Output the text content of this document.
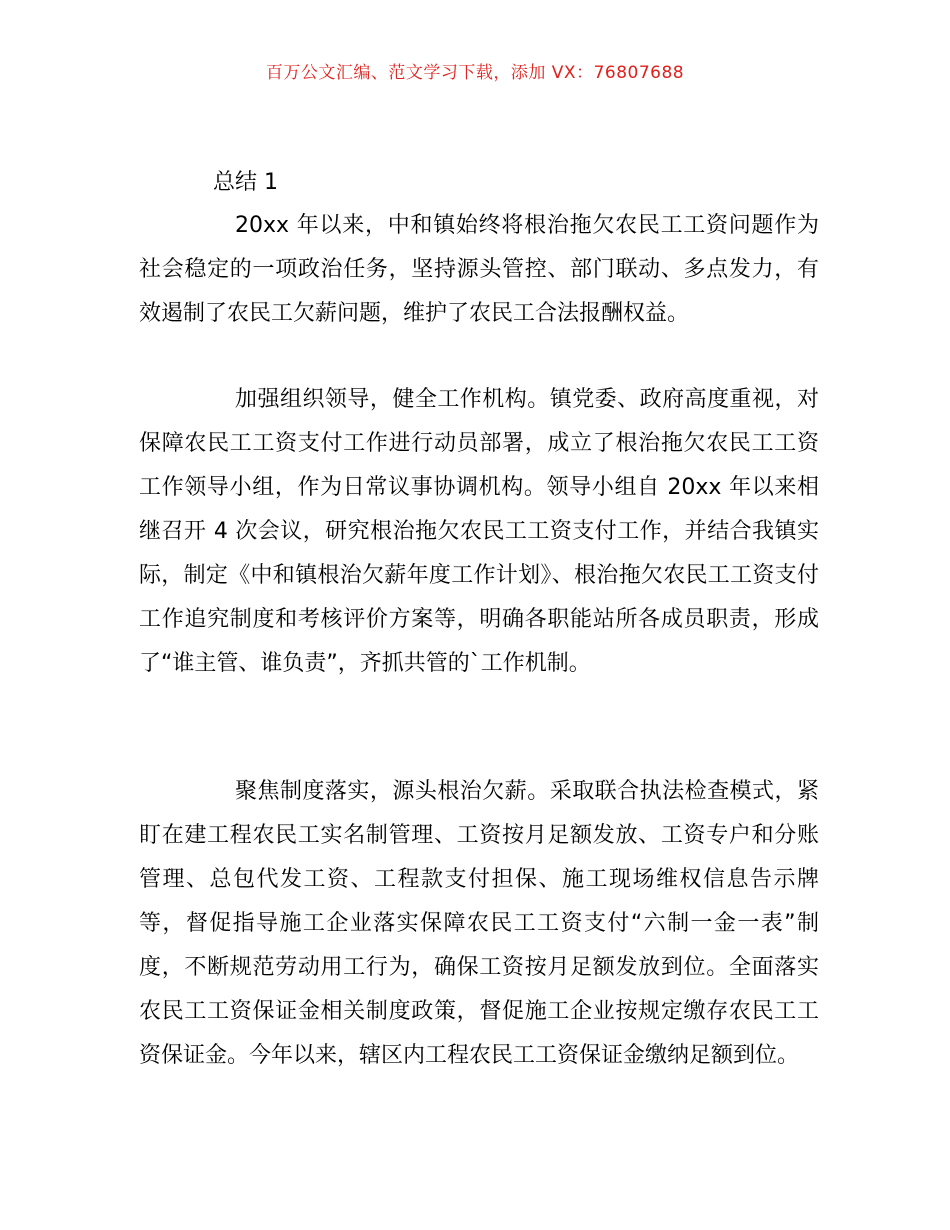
百万公文汇编、范文学习下载，添加 VX：76807688
总结 1

20xx 年以来，中和镇始终将根治拖欠农民工工资问题作为社会稳定的一项政治任务，坚持源头管控、部门联动、多点发力，有效遏制了农民工欠薪问题，维护了农民工合法报酬权益。

加强组织领导，健全工作机构。镇党委、政府高度重视，对保障农民工工资支付工作进行动员部署，成立了根治拖欠农民工工资工作领导小组，作为日常议事协调机构。领导小组自 20xx 年以来相继召开 4 次会议，研究根治拖欠农民工工资支付工作，并结合我镇实际，制定《中和镇根治欠薪年度工作计划》、根治拖欠农民工工资支付工作追究制度和考核评价方案等，明确各职能站所各成员职责，形成了“谁主管、谁负责”，齐抓共管的`工作机制。

聚焦制度落实，源头根治欠薪。采取联合执法检查模式，紧盯在建工程农民工实名制管理、工资按月足额发放、工资专户和分账管理、总包代发工资、工程款支付担保、施工现场维权信息告示牌等，督促指导施工企业落实保障农民工工资支付“六制一金一表”制度，不断规范劳动用工行为，确保工资按月足额发放到位。全面落实农民工工资保证金相关制度政策，督促施工企业按规定缴存农民工工资保证金。今年以来，辖区内工程农民工工资保证金缴纳足额到位。
